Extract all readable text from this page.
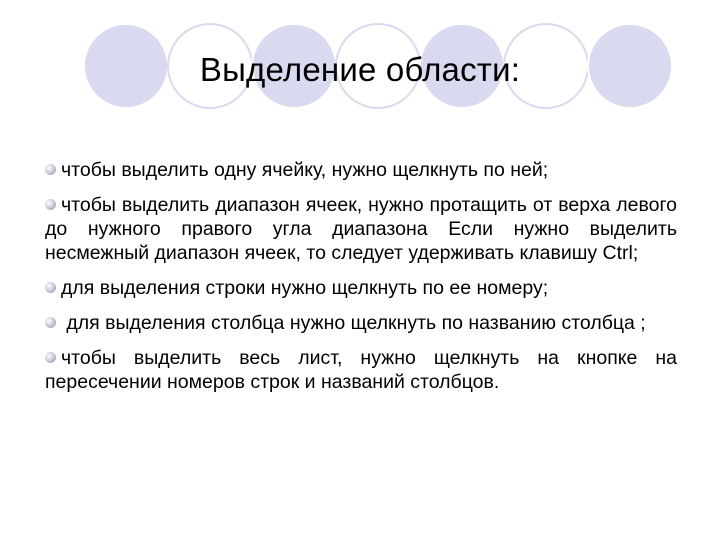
Выделение области:
чтобы выделить одну ячейку, нужно щелкнуть по ней;
чтобы выделить диапазон ячеек, нужно протащить от верха левого до нужного правого угла диапазона Если нужно выделить несмежный диапазон ячеек, то следует удерживать клавишу Ctrl;
для выделения строки нужно щелкнуть по ее номеру;
для выделения столбца нужно щелкнуть по названию столбца ;
чтобы выделить весь лист, нужно щелкнуть на кнопке на пересечении номеров строк и названий столбцов.
